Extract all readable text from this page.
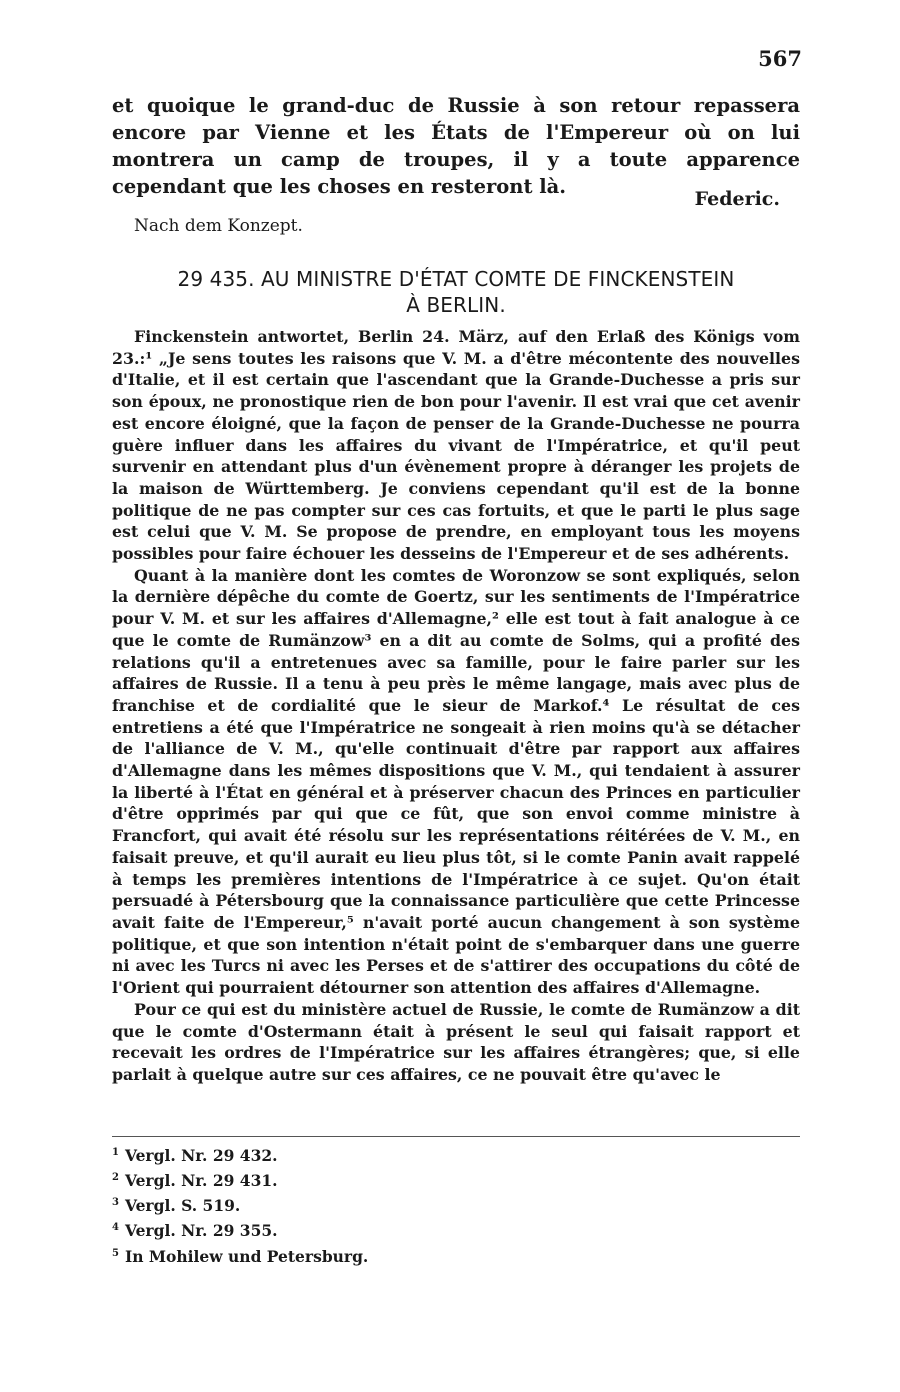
567
et quoique le grand-duc de Russie à son retour repassera encore par Vienne et les États de l'Empereur où on lui montrera un camp de troupes, il y a toute apparence cependant que les choses en resteront là.
Federic.
Nach dem Konzept.
29 435. AU MINISTRE D'ÉTAT COMTE DE FINCKENSTEIN
À BERLIN.

Finckenstein antwortet, Berlin 24. März, auf den Erlaß des Königs vom 23.:¹ „Je sens toutes les raisons que V. M. a d'être mécontente des nouvelles d'Italie, et il est certain que l'ascendant que la Grande-Duchesse a pris sur son époux, ne pronostique rien de bon pour l'avenir. Il est vrai que cet avenir est encore éloigné, que la façon de penser de la Grande-Duchesse ne pourra guère influer dans les affaires du vivant de l'Impératrice, et qu'il peut survenir en attendant plus d'un évènement propre à déranger les projets de la maison de Württemberg. Je conviens cependant qu'il est de la bonne politique de ne pas compter sur ces cas fortuits, et que le parti le plus sage est celui que V. M. Se propose de prendre, en employant tous les moyens possibles pour faire échouer les desseins de l'Empereur et de ses adhérents.

Quant à la manière dont les comtes de Woronzow se sont expliqués, selon la dernière dépêche du comte de Goertz, sur les sentiments de l'Impératrice pour V. M. et sur les affaires d'Allemagne,² elle est tout à fait analogue à ce que le comte de Rumänzow³ en a dit au comte de Solms, qui a profité des relations qu'il a entretenues avec sa famille, pour le faire parler sur les affaires de Russie. Il a tenu à peu près le même langage, mais avec plus de franchise et de cordialité que le sieur de Markof.⁴ Le résultat de ces entretiens a été que l'Impératrice ne songeait à rien moins qu'à se détacher de l'alliance de V. M., qu'elle continuait d'être par rapport aux affaires d'Allemagne dans les mêmes dispositions que V. M., qui tendaient à assurer la liberté à l'État en général et à préserver chacun des Princes en particulier d'être opprimés par qui que ce fût, que son envoi comme ministre à Francfort, qui avait été résolu sur les représentations réitérées de V. M., en faisait preuve, et qu'il aurait eu lieu plus tôt, si le comte Panin avait rappelé à temps les premières intentions de l'Impératrice à ce sujet. Qu'on était persuadé à Pétersbourg que la connaissance particulière que cette Princesse avait faite de l'Empereur,⁵ n'avait porté aucun changement à son système politique, et que son intention n'était point de s'embarquer dans une guerre ni avec les Turcs ni avec les Perses et de s'attirer des occupations du côté de l'Orient qui pourraient détourner son attention des affaires d'Allemagne.

Pour ce qui est du ministère actuel de Russie, le comte de Rumänzow a dit que le comte d'Ostermann était à présent le seul qui faisait rapport et recevait les ordres de l'Impératrice sur les affaires étrangères; que, si elle parlait à quelque autre sur ces affaires, ce ne pouvait être qu'avec le

$^1$ Vergl. Nr. 29 432.
$^2$ Vergl. Nr. 29 431.
$^3$ Vergl. S. 519.
$^4$ Vergl. Nr. 29 355.
$^5$ In Mohilew und Petersburg.
